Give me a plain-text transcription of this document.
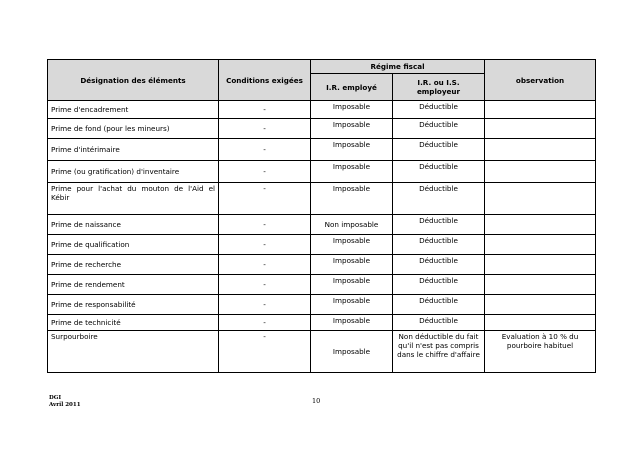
Désignation des éléments	Conditions exigées	Régime fiscal		observation
		I.R. employé	I.R. ou I.S. employeur	
Prime d'encadrement	-	Imposable	Déductible	
Prime de fond (pour les mineurs)	-	Imposable	Déductible	
Prime d'intérimaire	-	Imposable	Déductible	
Prime (ou gratification) d'inventaire	-	Imposable	Déductible	
Prime pour l'achat du mouton de l'Aid el Kébir	-	Imposable	Déductible	
Prime de naissance	-	Non imposable	Déductible	
Prime de qualification	-	Imposable	Déductible	
Prime de recherche	-	Imposable	Déductible	
Prime de rendement	-	Imposable	Déductible	
Prime de responsabilité	-	Imposable	Déductible	
Prime de technicité	-	Imposable	Déductible	
Surpourboire	-	Imposable	Non déductible du fait qu'il n'est pas compris dans le chiffre d'affaire	Evaluation à 10 % du pourboire habituel
DGI
Avril 2011
10
